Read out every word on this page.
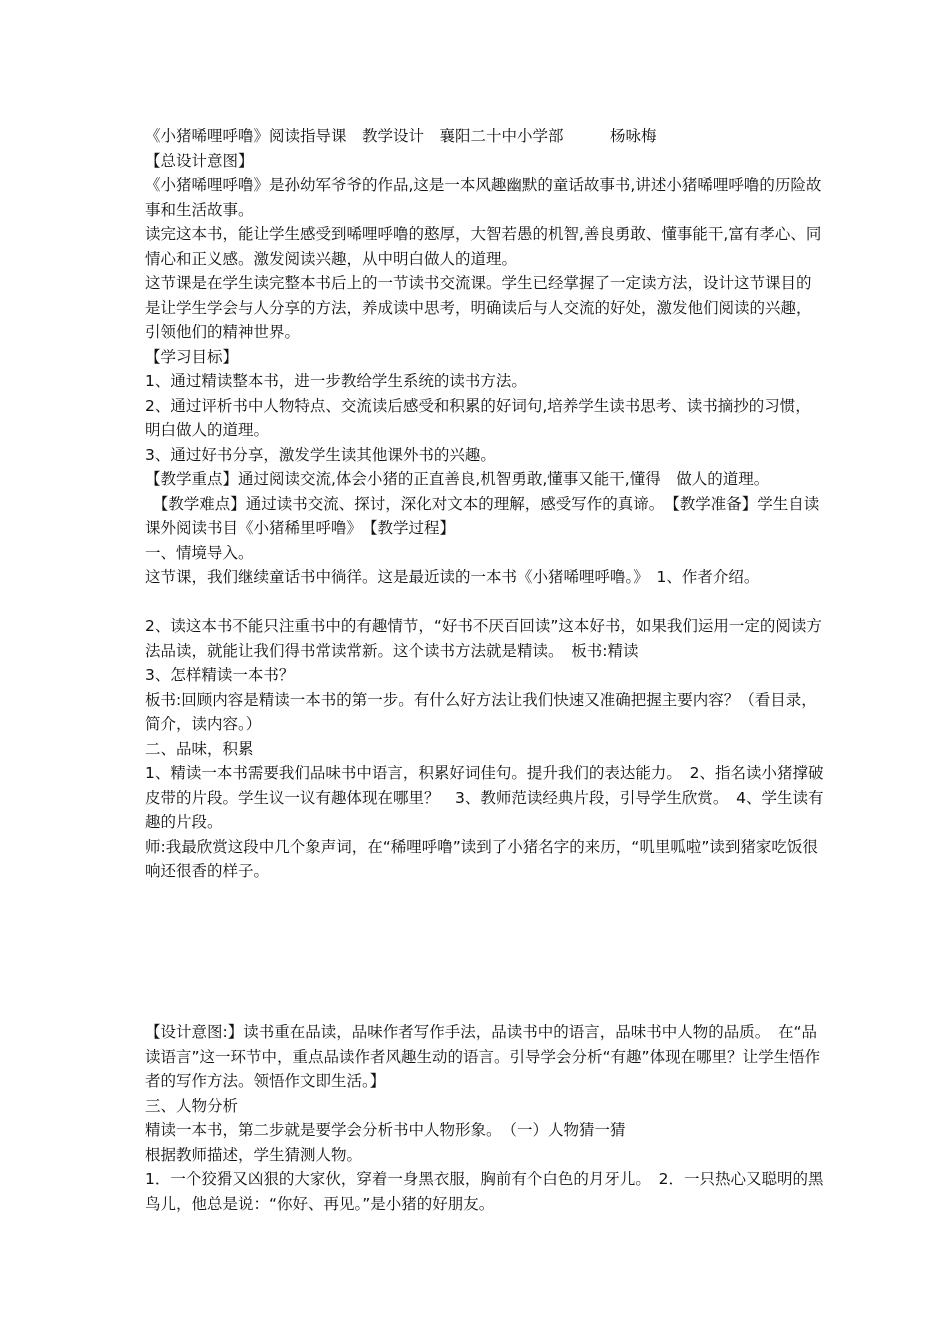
《小猪唏哩呼噜》阅读指导课　教学设计　襄阳二十中小学部　　　杨咏梅

【总设计意图】

《小猪唏哩呼噜》是孙幼军爷爷的作品,这是一本风趣幽默的童话故事书,讲述小猪唏哩呼噜的历险故事和生活故事。

读完这本书，能让学生感受到唏哩呼噜的憨厚，大智若愚的机智,善良勇敢、懂事能干,富有孝心、同情心和正义感。激发阅读兴趣，从中明白做人的道理。

这节课是在学生读完整本书后上的一节读书交流课。学生已经掌握了一定读方法，设计这节课目的是让学生学会与人分享的方法，养成读中思考，明确读后与人交流的好处，激发他们阅读的兴趣，引领他们的精神世界。

【学习目标】

1、通过精读整本书，进一步教给学生系统的读书方法。

2、通过评析书中人物特点、交流读后感受和积累的好词句,培养学生读书思考、读书摘抄的习惯，明白做人的道理。

3、通过好书分享，激发学生读其他课外书的兴趣。

【教学重点】通过阅读交流,体会小猪的正直善良,机智勇敢,懂事又能干,懂得　做人的道理。

　【教学难点】通过读书交流、探讨，深化对文本的理解，感受写作的真谛。　【教学准备】学生自读课外阅读书目《小猪稀里呼噜》　【教学过程】

一、情境导入。

这节课，我们继续童话书中徜徉。这是最近读的一本书《小猪唏哩呼噜。》　1、作者介绍。

2、读这本书不能只注重书中的有趣情节，“好书不厌百回读”这本好书，如果我们运用一定的阅读方法品读，就能让我们得书常读常新。这个读书方法就是精读。　板书:精读

3、怎样精读一本书？

板书:回顾内容是精读一本书的第一步。有什么好方法让我们快速又准确把握主要内容？（看目录，简介，读内容。）

二、品味，积累

1、精读一本书需要我们品味书中语言，积累好词佳句。提升我们的表达能力。　2、指名读小猪撑破皮带的片段。学生议一议有趣体现在哪里？　3、教师范读经典片段，引导学生欣赏。　4、学生读有趣的片段。

师:我最欣赏这段中几个象声词，在“稀哩呼噜”读到了小猪名字的来历，“叽里呱啦”读到猪家吃饭很响还很香的样子。

【设计意图:】读书重在品读，品味作者写作手法，品读书中的语言，品味书中人物的品质。　在“品读语言”这一环节中，重点品读作者风趣生动的语言。引导学会分析“有趣”体现在哪里？让学生悟作者的写作方法。领悟作文即生活。】

三、人物分析

精读一本书，第二步就是要学会分析书中人物形象。　（一）人物猜一猜

根据教师描述，学生猜测人物。

1．一个狡猾又凶狠的大家伙，穿着一身黑衣服，胸前有个白色的月牙儿。　2．一只热心又聪明的黑鸟儿，他总是说：“你好、再见。”是小猪的好朋友。
